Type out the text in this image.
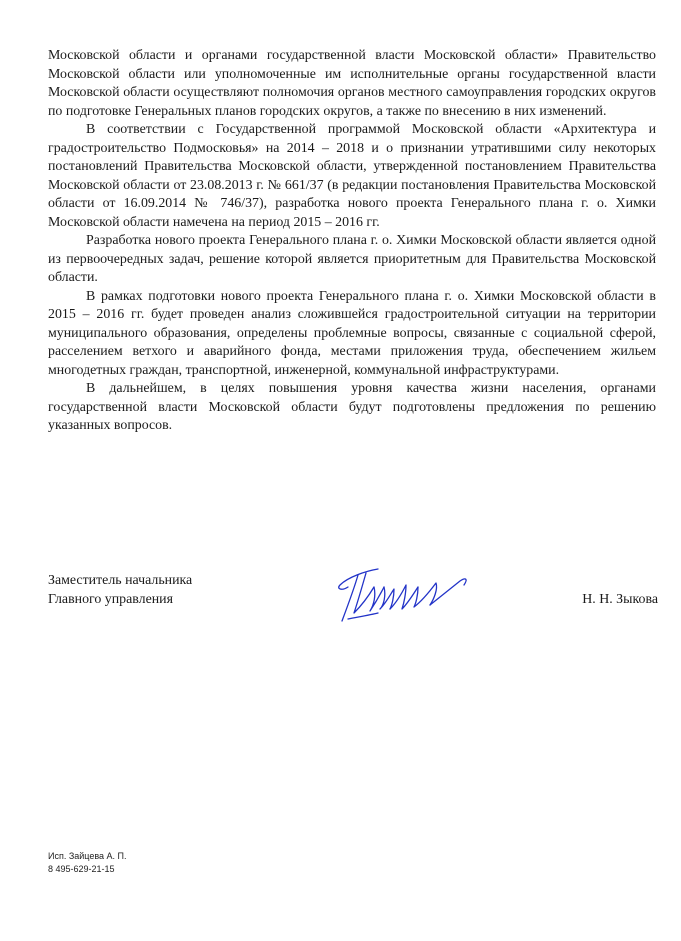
Московской области и органами государственной власти Московской области» Правительство Московской области или уполномоченные им исполнительные органы государственной власти Московской области осуществляют полномочия органов местного самоуправления городских округов по подготовке Генеральных планов городских округов, а также по внесению в них изменений.

В соответствии с Государственной программой Московской области «Архитектура и градостроительство Подмосковья» на 2014 – 2018 и о признании утратившими силу некоторых постановлений Правительства Московской области, утвержденной постановлением Правительства Московской области от 23.08.2013 г. № 661/37 (в редакции постановления Правительства Московской области от 16.09.2014 № 746/37), разработка нового проекта Генерального плана г. о. Химки Московской области намечена на период 2015 – 2016 гг.

Разработка нового проекта Генерального плана г. о. Химки Московской области является одной из первоочередных задач, решение которой является приоритетным для Правительства Московской области.

В рамках подготовки нового проекта Генерального плана г. о. Химки Московской области в 2015 – 2016 гг. будет проведен анализ сложившейся градостроительной ситуации на территории муниципального образования, определены проблемные вопросы, связанные с социальной сферой, расселением ветхого и аварийного фонда, местами приложения труда, обеспечением жильем многодетных граждан, транспортной, инженерной, коммунальной инфраструктурами.

В дальнейшем, в целях повышения уровня качества жизни населения, органами государственной власти Московской области будут подготовлены предложения по решению указанных вопросов.

Заместитель начальника
Главного управления	Н. Н. Зыкова
Исп. Зайцева А. П.
8 495-629-21-15
